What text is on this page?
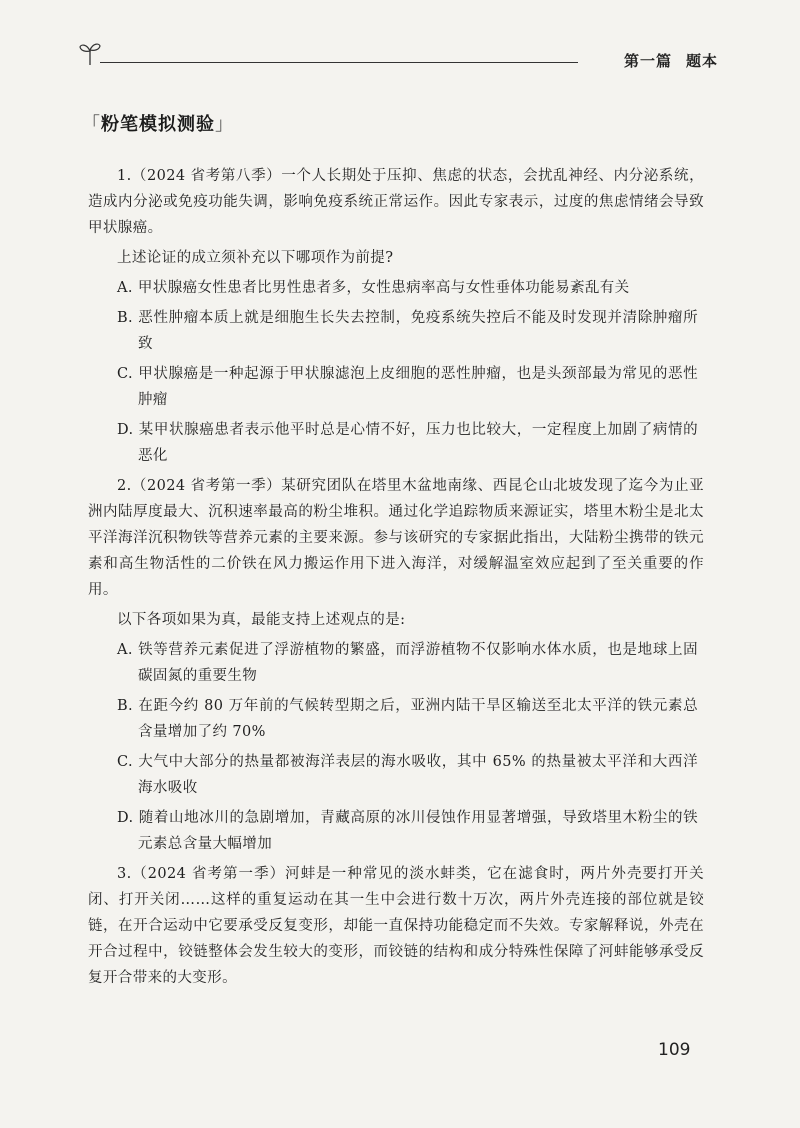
第一篇 题本
「粉笔模拟测验」

1.（2024 省考第八季）一个人长期处于压抑、焦虑的状态，会扰乱神经、内分泌系统，造成内分泌或免疫功能失调，影响免疫系统正常运作。因此专家表示，过度的焦虑情绪会导致甲状腺癌。

上述论证的成立须补充以下哪项作为前提?

A. 甲状腺癌女性患者比男性患者多，女性患病率高与女性垂体功能易紊乱有关

B. 恶性肿瘤本质上就是细胞生长失去控制，免疫系统失控后不能及时发现并清除肿瘤所致

C. 甲状腺癌是一种起源于甲状腺滤泡上皮细胞的恶性肿瘤，也是头颈部最为常见的恶性肿瘤

D. 某甲状腺癌患者表示他平时总是心情不好，压力也比较大，一定程度上加剧了病情的恶化

2.（2024 省考第一季）某研究团队在塔里木盆地南缘、西昆仑山北坡发现了迄今为止亚洲内陆厚度最大、沉积速率最高的粉尘堆积。通过化学追踪物质来源证实，塔里木粉尘是北太平洋海洋沉积物铁等营养元素的主要来源。参与该研究的专家据此指出，大陆粉尘携带的铁元素和高生物活性的二价铁在风力搬运作用下进入海洋，对缓解温室效应起到了至关重要的作用。

以下各项如果为真，最能支持上述观点的是:

A. 铁等营养元素促进了浮游植物的繁盛，而浮游植物不仅影响水体水质，也是地球上固碳固氮的重要生物

B. 在距今约 80 万年前的气候转型期之后，亚洲内陆干旱区输送至北太平洋的铁元素总含量增加了约 70%

C. 大气中大部分的热量都被海洋表层的海水吸收，其中 65% 的热量被太平洋和大西洋海水吸收

D. 随着山地冰川的急剧增加，青藏高原的冰川侵蚀作用显著增强，导致塔里木粉尘的铁元素总含量大幅增加

3.（2024 省考第一季）河蚌是一种常见的淡水蚌类，它在滤食时，两片外壳要打开关闭、打开关闭……这样的重复运动在其一生中会进行数十万次，两片外壳连接的部位就是铰链，在开合运动中它要承受反复变形，却能一直保持功能稳定而不失效。专家解释说，外壳在开合过程中，铰链整体会发生较大的变形，而铰链的结构和成分特殊性保障了河蚌能够承受反复开合带来的大变形。

109
